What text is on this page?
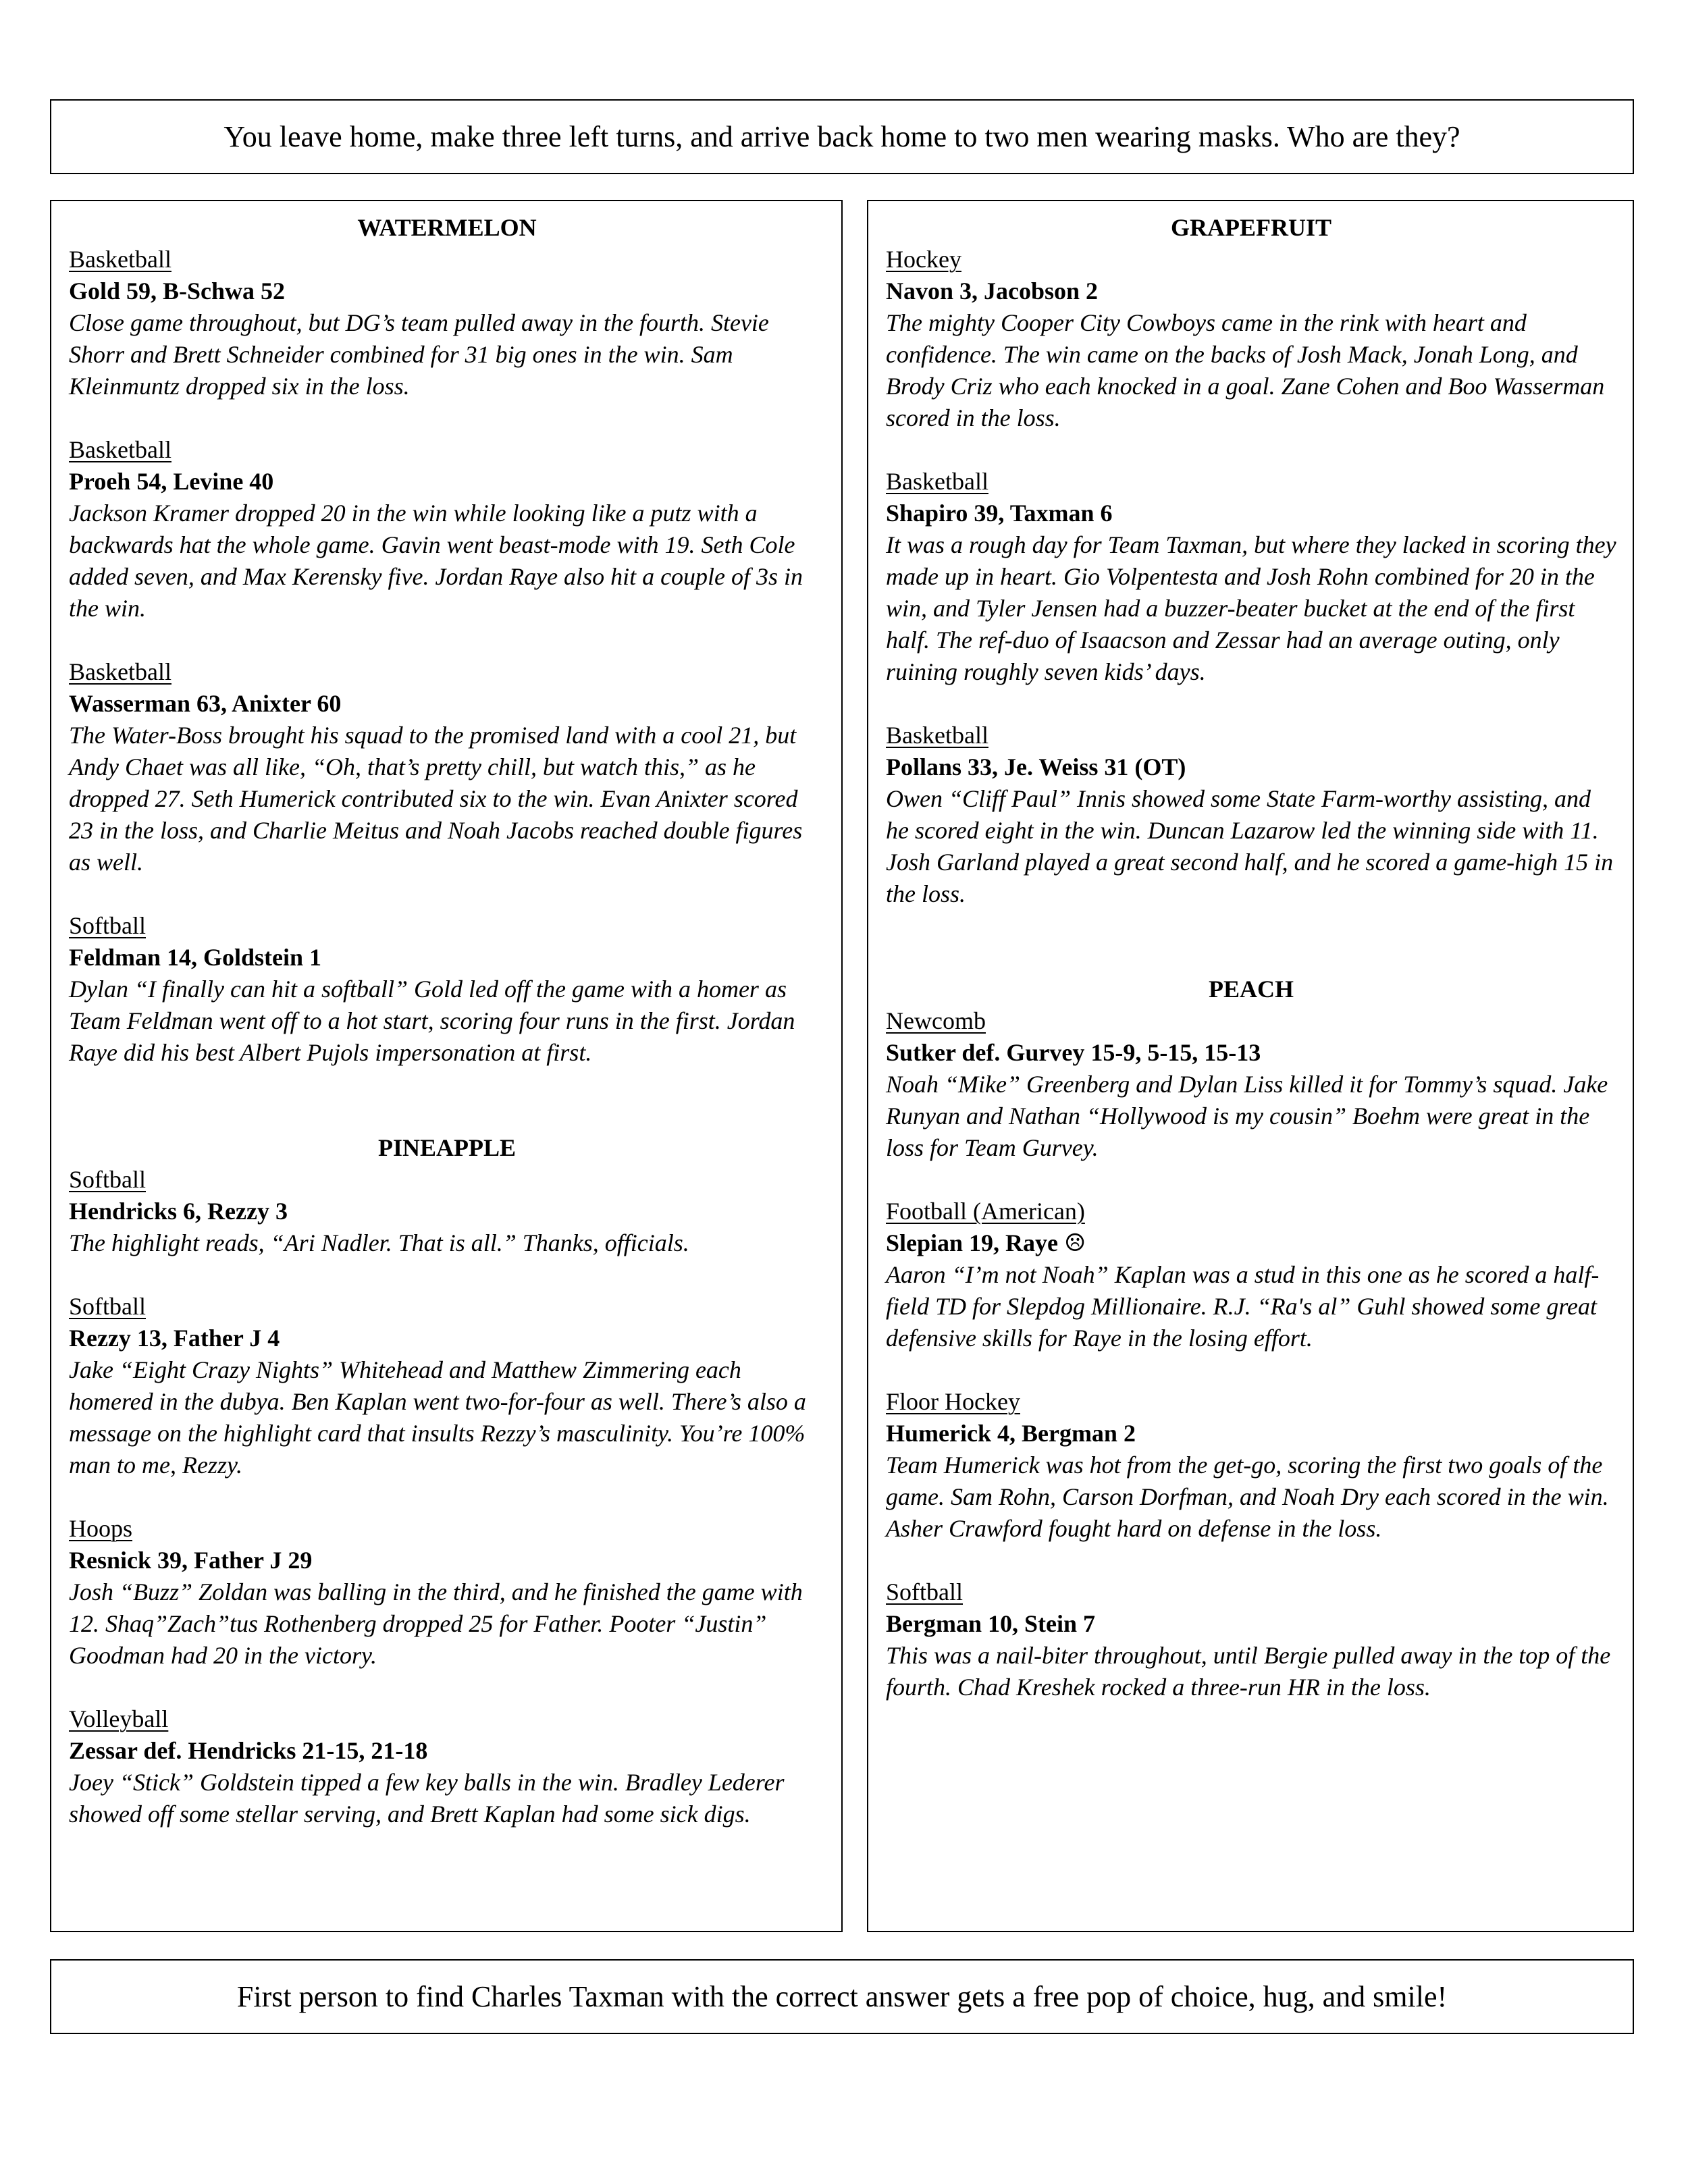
You leave home, make three left turns, and arrive back home to two men wearing masks. Who are they?
WATERMELON
Basketball
Gold 59, B-Schwa 52
Close game throughout, but DG’s team pulled away in the fourth. Stevie Shorr and Brett Schneider combined for 31 big ones in the win. Sam Kleinmuntz dropped six in the loss.
Basketball
Proeh 54, Levine 40
Jackson Kramer dropped 20 in the win while looking like a putz with a backwards hat the whole game. Gavin went beast-mode with 19. Seth Cole added seven, and Max Kerensky five. Jordan Raye also hit a couple of 3s in the win.
Basketball
Wasserman 63, Anixter 60
The Water-Boss brought his squad to the promised land with a cool 21, but Andy Chaet was all like, “Oh, that’s pretty chill, but watch this,” as he dropped 27. Seth Humerick contributed six to the win. Evan Anixter scored 23 in the loss, and Charlie Meitus and Noah Jacobs reached double figures as well.
Softball
Feldman 14, Goldstein 1
Dylan “I finally can hit a softball” Gold led off the game with a homer as Team Feldman went off to a hot start, scoring four runs in the first. Jordan Raye did his best Albert Pujols impersonation at first.
PINEAPPLE
Softball
Hendricks 6, Rezzy 3
The highlight reads, “Ari Nadler. That is all.” Thanks, officials.
Softball
Rezzy 13, Father J 4
Jake “Eight Crazy Nights” Whitehead and Matthew Zimmering each homered in the dubya. Ben Kaplan went two-for-four as well. There’s also a message on the highlight card that insults Rezzy’s masculinity. You’re 100% man to me, Rezzy.
Hoops
Resnick 39, Father J 29
Josh “Buzz” Zoldan was balling in the third, and he finished the game with 12. Shaq”Zach”tus Rothenberg dropped 25 for Father. Pooter “Justin” Goodman had 20 in the victory.
Volleyball
Zessar def. Hendricks 21-15, 21-18
Joey “Stick” Goldstein tipped a few key balls in the win. Bradley Lederer showed off some stellar serving, and Brett Kaplan had some sick digs.
GRAPEFRUIT
Hockey
Navon 3, Jacobson 2
The mighty Cooper City Cowboys came in the rink with heart and confidence. The win came on the backs of Josh Mack, Jonah Long, and Brody Criz who each knocked in a goal. Zane Cohen and Boo Wasserman scored in the loss.
Basketball
Shapiro 39, Taxman 6
It was a rough day for Team Taxman, but where they lacked in scoring they made up in heart. Gio Volpentesta and Josh Rohn combined for 20 in the win, and Tyler Jensen had a buzzer-beater bucket at the end of the first half. The ref-duo of Isaacson and Zessar had an average outing, only ruining roughly seven kids’ days.
Basketball
Pollans 33, Je. Weiss 31 (OT)
Owen “Cliff Paul” Innis showed some State Farm-worthy assisting, and he scored eight in the win. Duncan Lazarow led the winning side with 11. Josh Garland played a great second half, and he scored a game-high 15 in the loss.
PEACH
Newcomb
Sutker def. Gurvey 15-9, 5-15, 15-13
Noah “Mike” Greenberg and Dylan Liss killed it for Tommy’s squad. Jake Runyan and Nathan “Hollywood is my cousin” Boehm were great in the loss for Team Gurvey.
Football (American)
Slepian 19, Raye ☹
Aaron “I’m not Noah” Kaplan was a stud in this one as he scored a half-field TD for Slepdog Millionaire. R.J. “Ra's al” Guhl showed some great defensive skills for Raye in the losing effort.
Floor Hockey
Humerick 4, Bergman 2
Team Humerick was hot from the get-go, scoring the first two goals of the game. Sam Rohn, Carson Dorfman, and Noah Dry each scored in the win. Asher Crawford fought hard on defense in the loss.
Softball
Bergman 10, Stein 7
This was a nail-biter throughout, until Bergie pulled away in the top of the fourth. Chad Kreshek rocked a three-run HR in the loss.
First person to find Charles Taxman with the correct answer gets a free pop of choice, hug, and smile!
